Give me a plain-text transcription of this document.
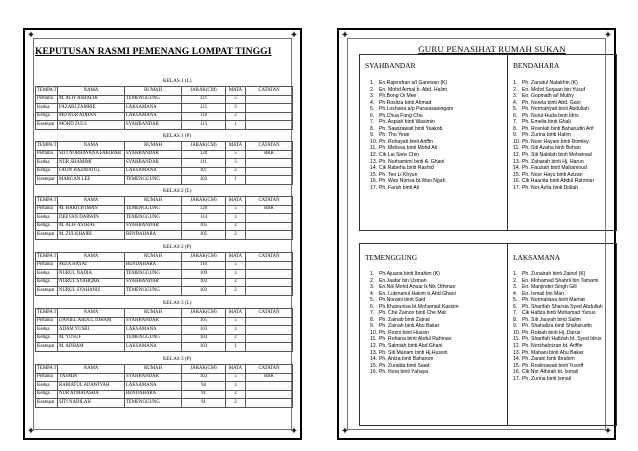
✦	✦
✦	✦
KEPUTUSAN RASMI PEMENANG LOMPAT TINGGI
KELAS 1 (L)
TEMPA T	NAMA	RUMAH	JARAK(CM)	MATA	CATATAN
Pertama	M. ALIF ASHAFIK	TEMENGGUNG	121	5	
Kedua	FAZARI ZAMRIE	LAKSAMANA	121	3	
Ketiga	MD NUR ADHAN	LAKSAMANA	118	2	
Keempat	MOHD ZULS	SYAHBANDAR	113	1	
KELAS 1 (P)
TEMPA T	NAMA	RUMAH	JARAK(CM)	MATA	CATATAN
Pertama	SITI NORHAYANA FAKIRAH	SYAHBANDAR	120	5	RBK
Kedua	NUR SHAMIMI	SYAHBANDAR	111	3	
Ketiga	FATIN HAZIRATUL	LAKSAMANA	107	2	
Keempat	MARGAN LEE	TEMENGGUNG	103	1	
KELAS 2 (L)
TEMPA T	NAMA	RUMAH	JARAK(CM)	MATA	CATATAN
Pertama	M. HARITH IMAN	TEMENGGUNG	120	5	RBK
Kedua	DEEVAN DARWIN	TEMENGGUNG	114	3	
Ketiga	M. ALIF ASTRAF	SYAHBANDAR	105	2	
Keempat	M. ZULKHAIRI	BENDAHARA	105	2	
KELAS 2 (P)
TEMPA T	NAMA	RUMAH	JARAK(CM)	MATA	CATATAN
Pertama	MIZA HAYAT	BENDAHARA	110	5	
Kedua	NURUL NADIA	TEMENGGUNG	109	3	
Ketiga	NURUL SYAHQAH	SYAHBANDAR	102	2	
Keempat	NURUL SYAHANIS	TEMENGGUNG	102	2	
KELAS 3 (L)
TEMPA T	NAMA	RUMAH	JARAK(CM)	MATA	CATATAN
Pertama	DANIEL ABDUL IDHAM	SYAHBANDAR	105	5	
Kedua	ADAM YUSRI	LAKSAMANA	103	3	
Ketiga	M. YUSUF	TEMENGGUNG	103	2	
Keempat	M. ADHAM	LAKSAMANA	103	1	
KELAS 3 (P)
TEMPA T	NAMA	RUMAH	JARAK(CM)	MATA	CATATAN
Pertama	YASMIN	SYAHBANDAR	103	5	RBK
Kedua	RABIATUL ADAWIYAH	LAKSAMANA	94	3	
Ketiga	NUR ATMATASHA	BENDAHARA	91	2	
Keempat	SITI NADILAH	TEMENGGUNG	91	2	
✦	✦
✦	✦
GURU PENASIHAT RUMAH SUKAN
SYAHBANDAR
1. En.Rajendran a/l Ganesan (K)
2. En. Mohd Armal b. Abd. Halim
3. Ph.Bong Oi Mee
4. Ph.Rosliza binti Ahmad
5. Ph.Loshana a/p Pararasasingam
6. Ph.Chua Fong Chu
7. Ph. Aspiah binti Wasimin
8. Ph. Sawizawati binti Yaakob
9. Ph. Tho Yean
10. Ph. Rohayati binti Ariffin
11. Ph. Melissa binti Mohd Ali
12. Cik Lai Siew Chin
13. Ph. Nurhamimi binti A. Ghani
14. Cik Rabeha binti Rashid
15. Ph. Teo Li Khyun
16. Ph. Wan Norisa bt.Wan Ngah
17. Ph. Farah binti Ali
BENDAHARA
1. Ph. Zanatul Natakhin (K)
2. En. Mohd Surjaan bin Yusuf
3. En. Gopinath a/l Muthy
4. Ph. Norela binti Abd. Gani
5. Ph. Normahyati binti Abdullah
6. Ph. Nurul Huda binti Idris
7. Ph. Emelia binti Ghali
8. Ph. Rosnlati binti Baharudin Arif
9. Ph. Zurina binti Halim
10. Ph. Noor Hayani binti Romley
11. Ph. Siti Azaha binti Bohari
12. Ph. Siti Nabilah binti Mohamad
13. Ph. Zaharah binti Hj. Harun
14. Ph. Fauziah binti Mahamoud
15. Ph. Noor Hayu binti Azizan
16. Cik Haanita binti Abdul Rahman
17. Ph. Nor Azila binti Dollah
TEMENGGUNG
1. Ph.Ajuana binti Ibrahim (K)
2. En.Jaafar bin Usman
3. En.Nik Mohd Anuar b.Nik Othman
4. En. Lukmanul Hakim b.Abd.Ghani
5. Ph.Noraini binti Said
6. Ph.Khairunisa bt.Mohamad Kassim
7. Ph. Che Zainon binti Che Mat
8. Ph. Zainab binti Zainal
9. Ph. Zainah binti Abu Bakar
10. Ph. Rosni binti Hussin
11. Ph. Rohana binti Abdul Rahman
12. Ph. Salmiah binti Abd.Ghani
13. Ph. Siti Mariam binti Hj.Hussin
14. Ph. Aniza binti Baharom
15. Ph. Zuraida binti Saad
16. Ph. Nora binti Yahaya
LAKSAMANA
1. Ph. Zunairah binti Zainol (K)
2. En. Mohamad Shahril bin Tamami
3. En. Manjinder Singh Gill
4. En. Ismail bin Man
5. Ph. Normaliana binti Mamat
6. Ph. Sharifah Sharsia Syed Abdullah
7. Cik Hafiza binti Mohamad Yunus
8. Ph. Siti Jauyah binti Salim
9. Ph. Shahaliza binti Shaharudin
10. Ph. Rokiah binti Hj. Darus
11. Ph. Sharifah Hafizah bt. Syed Idrus
12. Ph. Norshahrizan bt. Ariffin
13. Ph. Mahani binti Abu Bakar
14. Ph. Zarani binti Ibrahim
15. Ph. Roslinawati binti Yusoff
16. Cik Nor Athirah bt. Ismail
17. Ph. Zurina binti Ismail
